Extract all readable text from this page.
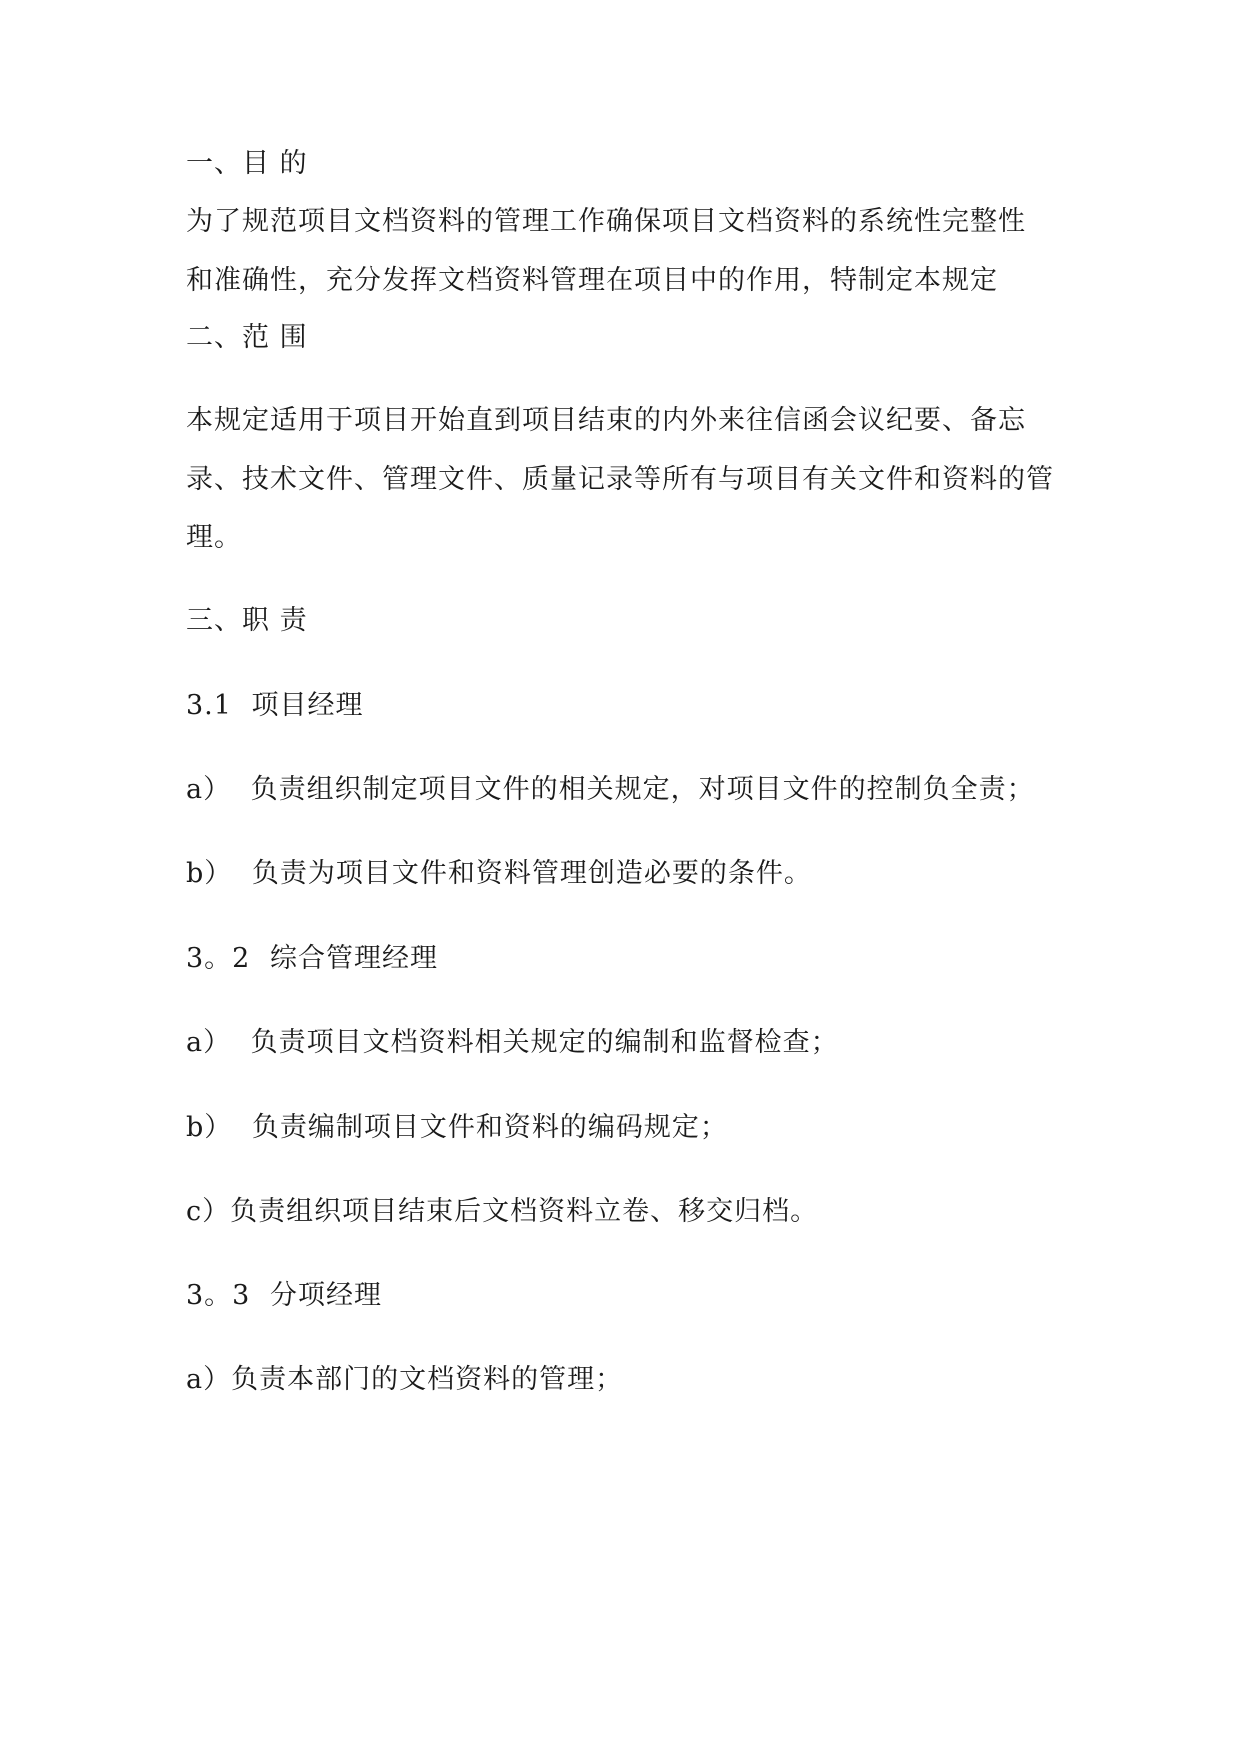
一、目 的
为了规范项目文档资料的管理工作确保项目文档资料的系统性完整性
和准确性，充分发挥文档资料管理在项目中的作用，特制定本规定
二、范 围
本规定适用于项目开始直到项目结束的内外来往信函会议纪要、备忘
录、技术文件、管理文件、质量记录等所有与项目有关文件和资料的管
理。
三、职 责
3.1 项目经理
a） 负责组织制定项目文件的相关规定，对项目文件的控制负全责；
b） 负责为项目文件和资料管理创造必要的条件。
3。2 综合管理经理
a） 负责项目文档资料相关规定的编制和监督检查；
b） 负责编制项目文件和资料的编码规定；
c）负责组织项目结束后文档资料立卷、移交归档。
3。3 分项经理
a）负责本部门的文档资料的管理；
